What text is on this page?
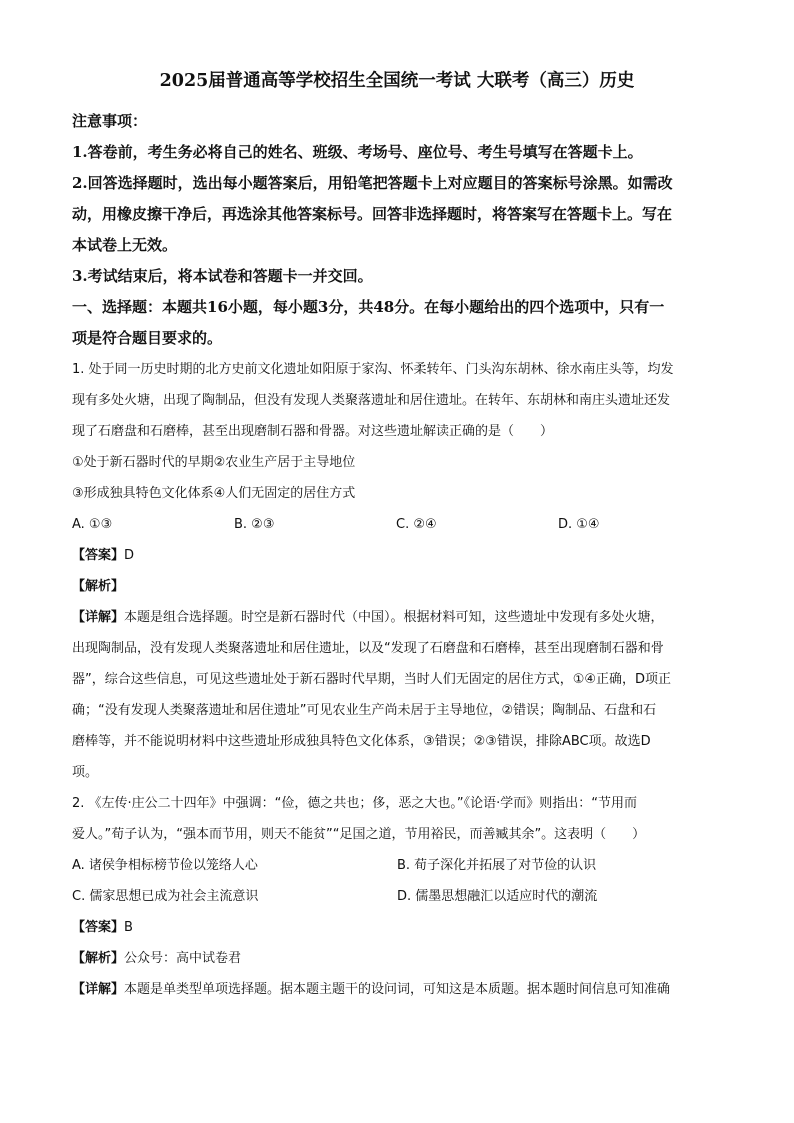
2025届普通高等学校招生全国统一考试 大联考（高三）历史
注意事项：
1.答卷前，考生务必将自己的姓名、班级、考场号、座位号、考生号填写在答题卡上。
2.回答选择题时，选出每小题答案后，用铅笔把答题卡上对应题目的答案标号涂黑。如需改
动，用橡皮擦干净后，再选涂其他答案标号。回答非选择题时，将答案写在答题卡上。写在
本试卷上无效。
3.考试结束后，将本试卷和答题卡一并交回。
一、选择题：本题共16小题，每小题3分，共48分。在每小题给出的四个选项中，只有一
项是符合题目要求的。
1. 处于同一历史时期的北方史前文化遗址如阳原于家沟、怀柔转年、门头沟东胡林、徐水南庄头等，均发
现有多处火塘，出现了陶制品，但没有发现人类聚落遗址和居住遗址。在转年、东胡林和南庄头遗址还发
现了石磨盘和石磨棒，甚至出现磨制石器和骨器。对这些遗址解读正确的是（　　）
①处于新石器时代的早期②农业生产居于主导地位
③形成独具特色文化体系④人们无固定的居住方式
A. ①③	B. ②③	C. ②④	D. ①④
【答案】D
【解析】
【详解】本题是组合选择题。时空是新石器时代（中国）。根据材料可知，这些遗址中发现有多处火塘，
出现陶制品，没有发现人类聚落遗址和居住遗址，以及“发现了石磨盘和石磨棒，甚至出现磨制石器和骨
器”，综合这些信息，可见这些遗址处于新石器时代早期，当时人们无固定的居住方式，①④正确，D项正
确；“没有发现人类聚落遗址和居住遗址”可见农业生产尚未居于主导地位，②错误；陶制品、石盘和石
磨棒等，并不能说明材料中这些遗址形成独具特色文化体系，③错误；②③错误，排除ABC项。故选D
项。
2. 《左传·庄公二十四年》中强调：“俭，德之共也；侈，恶之大也。”《论语·学而》则指出：“节用而
爱人。”荀子认为，“强本而节用，则天不能贫”“足国之道，节用裕民，而善臧其余”。这表明（　　）
A. 诸侯争相标榜节俭以笼络人心	B. 荀子深化并拓展了对节俭的认识
C. 儒家思想已成为社会主流意识	D. 儒墨思想融汇以适应时代的潮流
【答案】B
【解析】公众号：高中试卷君
【详解】本题是单类型单项选择题。据本题主题干的设问词，可知这是本质题。据本题时间信息可知准确
